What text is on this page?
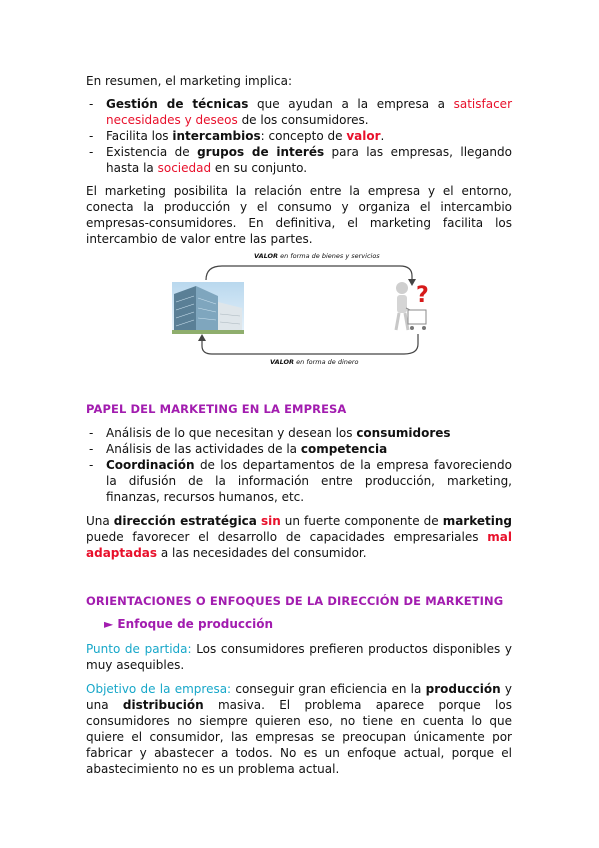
En resumen, el marketing implica:

- Gestión de técnicas que ayudan a la empresa a satisfacer necesidades y deseos de los consumidores.
- Facilita los intercambios: concepto de valor.
- Existencia de grupos de interés para las empresas, llegando hasta la sociedad en su conjunto.

El marketing posibilita la relación entre la empresa y el entorno, conecta la producción y el consumo y organiza el intercambio empresas-consumidores. En definitiva, el marketing facilita los intercambio de valor entre las partes.

VALOR en forma de bienes y servicios
?
VALOR en forma de dinero
PAPEL DEL MARKETING EN LA EMPRESA
- Análisis de lo que necesitan y desean los consumidores
- Análisis de las actividades de la competencia
- Coordinación de los departamentos de la empresa favoreciendo la difusión de la información entre producción, marketing, finanzas, recursos humanos, etc.

Una dirección estratégica sin un fuerte componente de marketing puede favorecer el desarrollo de capacidades empresariales mal adaptadas a las necesidades del consumidor.

ORIENTACIONES O ENFOQUES DE LA DIRECCIÓN DE MARKETING
► Enfoque de producción

Punto de partida: Los consumidores prefieren productos disponibles y muy asequibles.

Objetivo de la empresa: conseguir gran eficiencia en la producción y una distribución masiva. El problema aparece porque los consumidores no siempre quieren eso, no tiene en cuenta lo que quiere el consumidor, las empresas se preocupan únicamente por fabricar y abastecer a todos. No es un enfoque actual, porque el abastecimiento no es un problema actual.
